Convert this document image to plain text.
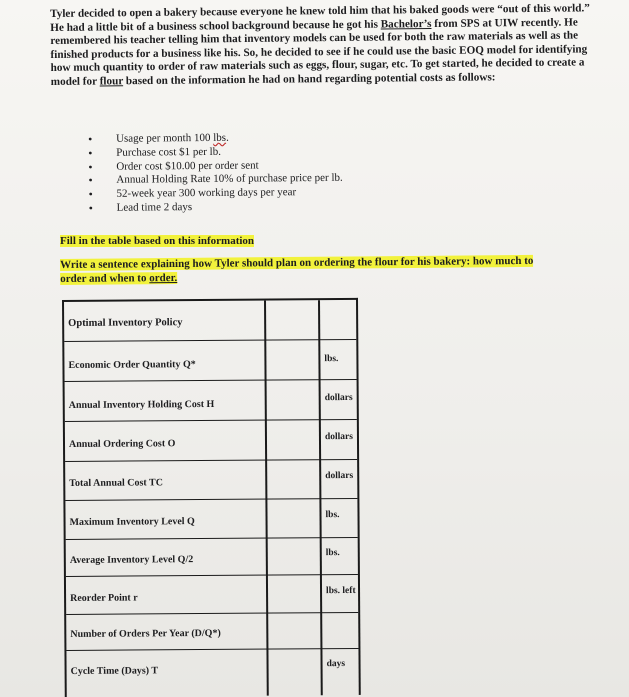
Tyler decided to open a bakery because everyone he knew told him that his baked goods were “out of this world.” He had a little bit of a business school background because he got his Bachelor’s from SPS at UIW recently. He remembered his teacher telling him that inventory models can be used for both the raw materials as well as the finished products for a business like his. So, he decided to see if he could use the basic EOQ model for identifying how much quantity to order of raw materials such as eggs, flour, sugar, etc. To get started, he decided to create a model for flour based on the information he had on hand regarding potential costs as follows:

• Usage per month 100 lbs.
• Purchase cost $1 per lb.
• Order cost $10.00 per order sent
• Annual Holding Rate 10% of purchase price per lb.
• 52-week year 300 working days per year
• Lead time 2 days
Fill in the table based on this information
Write a sentence explaining how Tyler should plan on ordering the flour for his bakery: how much to order and when to order.
Optimal Inventory Policy
Economic Order Quantity Q*	lbs.
Annual Inventory Holding Cost H
dollars
Annual Ordering Cost O
dollars
Total Annual Cost TC
dollars
Maximum Inventory Level Q
lbs.
Average Inventory Level Q/2
lbs.
Reorder Point r
lbs. left
Number of Orders Per Year (D/Q*)
Cycle Time (Days) T
days
